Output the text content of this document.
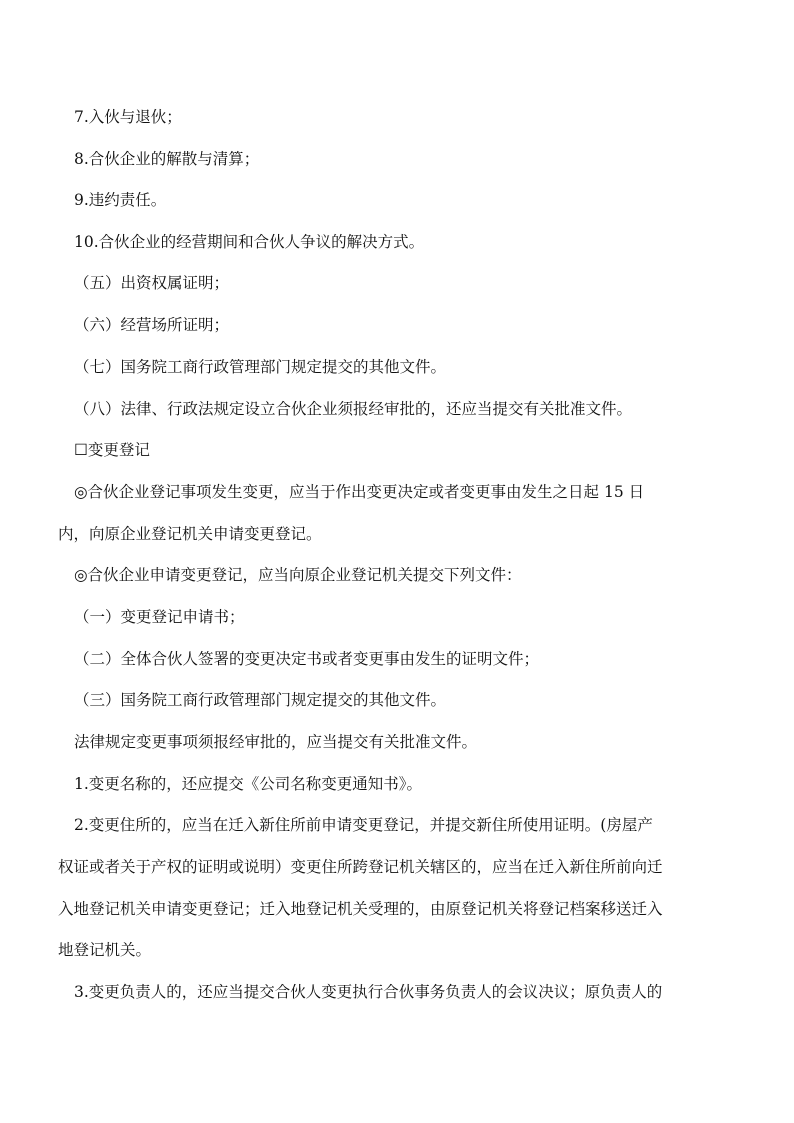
7.入伙与退伙；

8.合伙企业的解散与清算；

9.违约责任。

10.合伙企业的经营期间和合伙人争议的解决方式。

（五）出资权属证明；

（六）经营场所证明；

（七）国务院工商行政管理部门规定提交的其他文件。

（八）法律、行政法规定设立合伙企业须报经审批的，还应当提交有关批准文件。

☐变更登记

◎合伙企业登记事项发生变更，应当于作出变更决定或者变更事由发生之日起 15 日

内，向原企业登记机关申请变更登记。

◎合伙企业申请变更登记，应当向原企业登记机关提交下列文件：

（一）变更登记申请书；

（二）全体合伙人签署的变更决定书或者变更事由发生的证明文件；

（三）国务院工商行政管理部门规定提交的其他文件。

法律规定变更事项须报经审批的，应当提交有关批准文件。

1.变更名称的，还应提交《公司名称变更通知书》。

2.变更住所的，应当在迁入新住所前申请变更登记，并提交新住所使用证明。(房屋产

权证或者关于产权的证明或说明）变更住所跨登记机关辖区的，应当在迁入新住所前向迁

入地登记机关申请变更登记；迁入地登记机关受理的，由原登记机关将登记档案移送迁入

地登记机关。

3.变更负责人的，还应当提交合伙人变更执行合伙事务负责人的会议决议；原负责人的
